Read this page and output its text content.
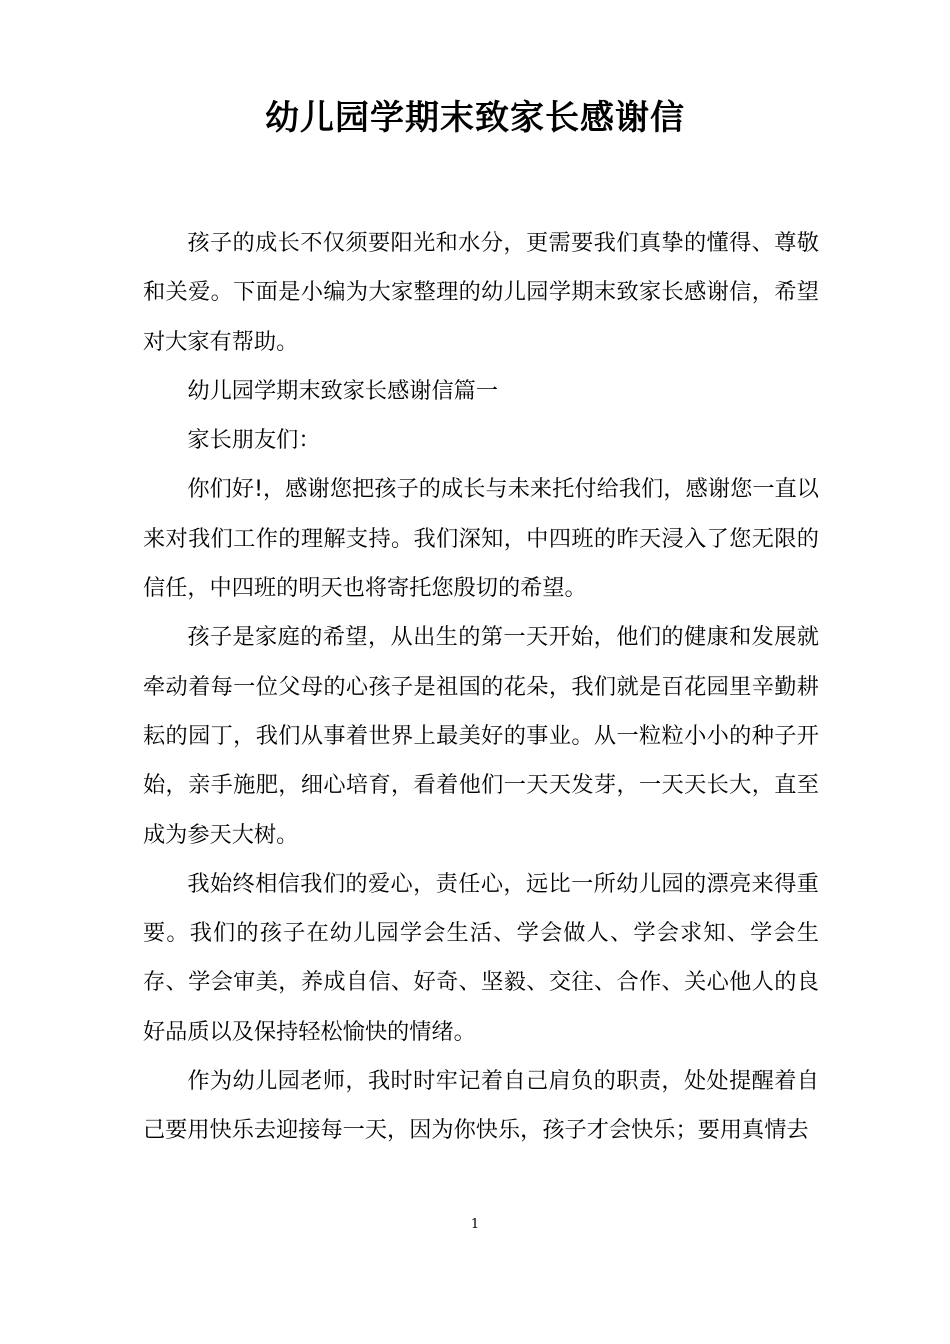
幼儿园学期末致家长感谢信

孩子的成长不仅须要阳光和水分，更需要我们真挚的懂得、尊敬和关爱。下面是小编为大家整理的幼儿园学期末致家长感谢信，希望对大家有帮助。

幼儿园学期末致家长感谢信篇一

家长朋友们：

你们好!，感谢您把孩子的成长与未来托付给我们，感谢您一直以来对我们工作的理解支持。我们深知，中四班的昨天浸入了您无限的信任，中四班的明天也将寄托您殷切的希望。

孩子是家庭的希望，从出生的第一天开始，他们的健康和发展就牵动着每一位父母的心孩子是祖国的花朵，我们就是百花园里辛勤耕耘的园丁，我们从事着世界上最美好的事业。从一粒粒小小的种子开始，亲手施肥，细心培育，看着他们一天天发芽，一天天长大，直至成为参天大树。

我始终相信我们的爱心，责任心，远比一所幼儿园的漂亮来得重要。我们的孩子在幼儿园学会生活、学会做人、学会求知、学会生存、学会审美，养成自信、好奇、坚毅、交往、合作、关心他人的良好品质以及保持轻松愉快的情绪。

作为幼儿园老师，我时时牢记着自己肩负的职责，处处提醒着自己要用快乐去迎接每一天，因为你快乐，孩子才会快乐；要用真情去

1
